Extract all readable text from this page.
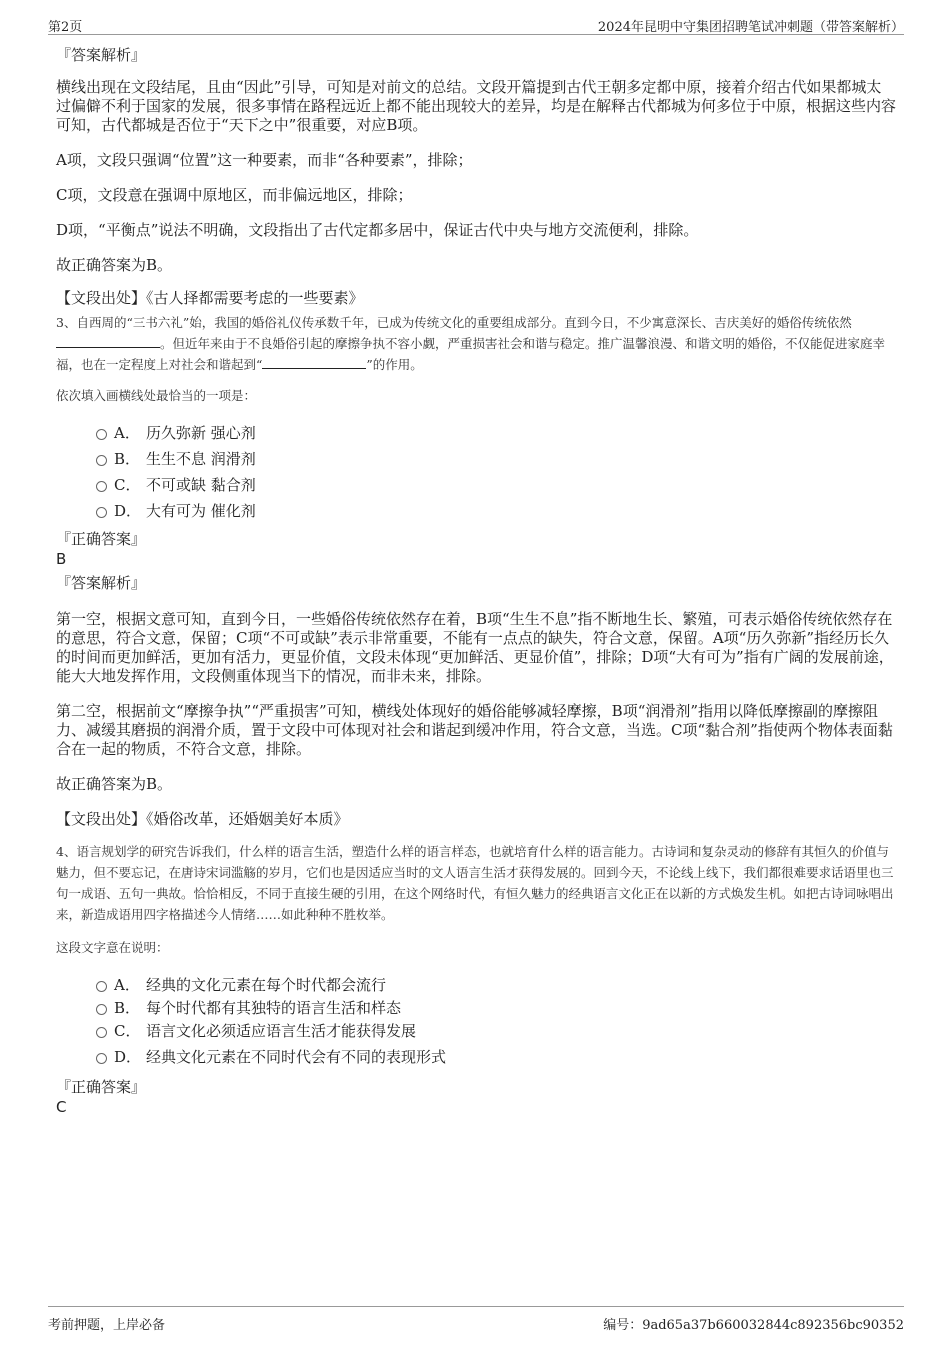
第2页	2024年昆明中守集团招聘笔试冲刺题（带答案解析）
『答案解析』

横线出现在文段结尾，且由“因此”引导，可知是对前文的总结。文段开篇提到古代王朝多定都中原，接着介绍古代如果都城太过偏僻不利于国家的发展，很多事情在路程远近上都不能出现较大的差异，均是在解释古代都城为何多位于中原，根据这些内容可知，古代都城是否位于“天下之中”很重要，对应B项。

A项，文段只强调“位置”这一种要素，而非“各种要素”，排除；

C项，文段意在强调中原地区，而非偏远地区，排除；

D项，“平衡点”说法不明确，文段指出了古代定都多居中，保证古代中央与地方交流便利，排除。

故正确答案为B。

【文段出处】《古人择都需要考虑的一些要素》

3、自西周的“三书六礼”始，我国的婚俗礼仪传承数千年，已成为传统文化的重要组成部分。直到今日，不少寓意深长、吉庆美好的婚俗传统依然。但近年来由于不良婚俗引起的摩擦争执不容小觑，严重损害社会和谐与稳定。推广温馨浪漫、和谐文明的婚俗，不仅能促进家庭幸福，也在一定程度上对社会和谐起到“	”的作用。
依次填入画横线处最恰当的一项是：
A． 历久弥新 强心剂
B． 生生不息 润滑剂
C． 不可或缺 黏合剂
D． 大有可为 催化剂
『正确答案』
B
『答案解析』

第一空，根据文意可知，直到今日，一些婚俗传统依然存在着，B项“生生不息”指不断地生长、繁殖，可表示婚俗传统依然存在的意思，符合文意，保留；C项“不可或缺”表示非常重要，不能有一点点的缺失，符合文意，保留。A项“历久弥新”指经历长久的时间而更加鲜活，更加有活力，更显价值，文段未体现“更加鲜活、更显价值”，排除；D项“大有可为”指有广阔的发展前途，能大大地发挥作用，文段侧重体现当下的情况，而非未来，排除。

第二空，根据前文“摩擦争执”“严重损害”可知，横线处体现好的婚俗能够减轻摩擦，B项“润滑剂”指用以降低摩擦副的摩擦阻力、减缓其磨损的润滑介质，置于文段中可体现对社会和谐起到缓冲作用，符合文意，当选。C项“黏合剂”指使两个物体表面黏合在一起的物质，不符合文意，排除。

故正确答案为B。

【文段出处】《婚俗改革，还婚姻美好本质》

4、语言规划学的研究告诉我们，什么样的语言生活，塑造什么样的语言样态，也就培育什么样的语言能力。古诗词和复杂灵动的修辞有其恒久的价值与魅力，但不要忘记，在唐诗宋词滥觞的岁月，它们也是因适应当时的文人语言生活才获得发展的。回到今天，不论线上线下，我们都很难要求话语里也三句一成语、五句一典故。恰恰相反，不同于直接生硬的引用，在这个网络时代，有恒久魅力的经典语言文化正在以新的方式焕发生机。如把古诗词咏唱出来，新造成语用四字格描述今人情绪……如此种种不胜枚举。
这段文字意在说明：
A． 经典的文化元素在每个时代都会流行
B． 每个时代都有其独特的语言生活和样态
C． 语言文化必须适应语言生活才能获得发展
D． 经典文化元素在不同时代会有不同的表现形式
『正确答案』
C
考前押题，上岸必备	编号：9ad65a37b660032844c892356bc90352
